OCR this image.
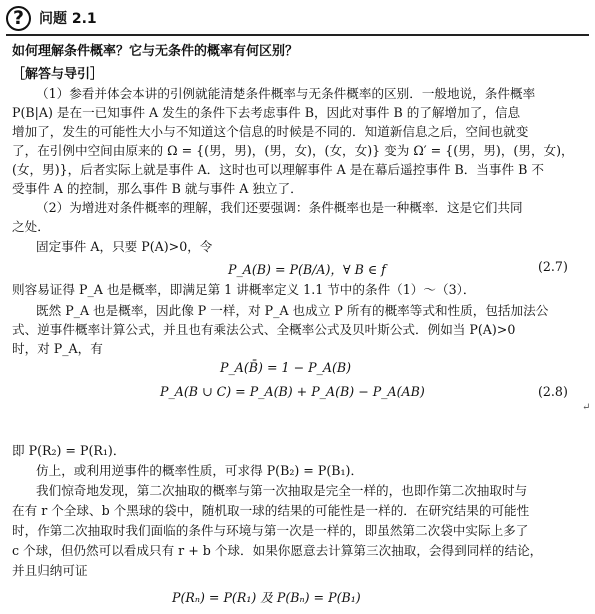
?	问题 2.1
如何理解条件概率？它与无条件的概率有何区别？
［解答与导引］
（1）参看并体会本讲的引例就能清楚条件概率与无条件概率的区别．一般地说，条件概率
P(B|A) 是在一已知事件 A 发生的条件下去考虑事件 B，因此对事件 B 的了解增加了，信息
增加了，发生的可能性大小与不知道这个信息的时候是不同的．知道新信息之后，空间也就变
了，在引例中空间由原来的 Ω = {(男，男)，(男，女)，(女，女)} 变为 Ω′ = {(男，男)，(男，女)，
(女，男)}，后者实际上就是事件 A．这时也可以理解事件 A 是在幕后遥控事件 B．当事件 B 不
受事件 A 的控制，那么事件 B 就与事件 A 独立了．
（2）为增进对条件概率的理解，我们还要强调：条件概率也是一种概率．这是它们共同
之处．
固定事件 A，只要 P(A)>0，令
则容易证得 P_A 也是概率，即满足第 1 讲概率定义 1.1 节中的条件（1）～（3）．
既然 P_A 也是概率，因此像 P 一样，对 P_A 也成立 P 所有的概率等式和性质，包括加法公
式、逆事件概率计算公式，并且也有乘法公式、全概率公式及贝叶斯公式．例如当 P(A)>0
时，对 P_A，有
即 P(R₂) = P(R₁)．
仿上，或利用逆事件的概率性质，可求得 P(B₂) = P(B₁)．
我们惊奇地发现，第二次抽取的概率与第一次抽取是完全一样的，也即作第二次抽取时与
在有 r 个全球、b 个黑球的袋中，随机取一球的结果的可能性是一样的．在研究结果的可能性
时，作第二次抽取时我们面临的条件与环境与第一次是一样的，即虽然第二次袋中实际上多了
c 个球，但仍然可以看成只有 r + b 个球．如果你愿意去计算第三次抽取，会得到同样的结论，
并且归纳可证
P_A(B) = P(B/A)，∀ B ∈ f	(2.7)
P_A(B̄) = 1 − P_A(B)
P_A(B ∪ C) = P_A(B) + P_A(B) − P_A(AB)	(2.8)
P(Rₙ) = P(R₁) 及 P(Bₙ) = P(B₁)
↵
